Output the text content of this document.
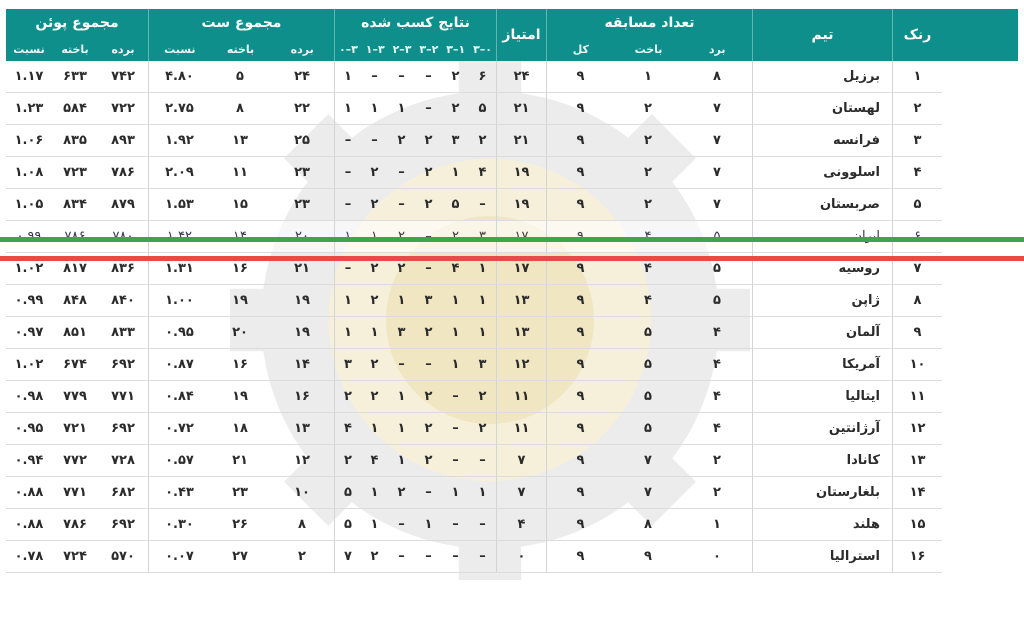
مجموع پوئن
نسبت	باخته	برده
مجموع ست
نسبت	باخته	برده
نتایج کسب شده
۰–۳ ۱–۳ ۲–۳ ۳–۲ ۳–۱ ۳–۰
امتیاز
تعداد مسابقه
کل	باخت	برد
تیم	رنک
۱.۱۷	۶۳۳	۷۴۲	۴.۸۰	۵	۲۴	۱	–	–	–	۲	۶	۲۴	۹	۱	۸	برزیل	۱
۱.۲۳	۵۸۴	۷۲۲	۲.۷۵	۸	۲۲	۱	۱	۱	–	۲	۵	۲۱	۹	۲	۷	لهستان	۲
۱.۰۶	۸۳۵	۸۹۳	۱.۹۲	۱۳	۲۵	–	–	۲	۲	۳	۲	۲۱	۹	۲	۷	فرانسه	۳
۱.۰۸	۷۲۳	۷۸۶	۲.۰۹	۱۱	۲۳	–	۲	–	۲	۱	۴	۱۹	۹	۲	۷	اسلوونی	۴
۱.۰۵	۸۳۴	۸۷۹	۱.۵۳	۱۵	۲۳	–	۲	–	۲	۵	–	۱۹	۹	۲	۷	صربستان	۵
۱.۰۲	۸۱۷	۸۳۶	۱.۳۱	۱۶	۲۱	–	۲	۲	–	۴	۱	۱۷	۹	۴	۵	روسیه	۷
۰.۹۹	۸۴۸	۸۴۰	۱.۰۰	۱۹	۱۹	۱	۲	۱	۳	۱	۱	۱۳	۹	۴	۵	ژاپن	۸
۰.۹۷	۸۵۱	۸۳۳	۰.۹۵	۲۰	۱۹	۱	۱	۳	۲	۱	۱	۱۳	۹	۵	۴	آلمان	۹
۱.۰۲	۶۷۴	۶۹۲	۰.۸۷	۱۶	۱۴	۳	۲	–	–	۱	۳	۱۲	۹	۵	۴	آمریکا	۱۰
۰.۹۸	۷۷۹	۷۷۱	۰.۸۴	۱۹	۱۶	۲	۲	۱	۲	–	۲	۱۱	۹	۵	۴	ایتالیا	۱۱
۰.۹۵	۷۲۱	۶۹۲	۰.۷۲	۱۸	۱۳	۴	۱	۱	۲	–	۲	۱۱	۹	۵	۴	آرژانتین	۱۲
۰.۹۴	۷۷۲	۷۲۸	۰.۵۷	۲۱	۱۲	۲	۴	۱	۲	–	–	۷	۹	۷	۲	کانادا	۱۳
۰.۸۸	۷۷۱	۶۸۲	۰.۴۳	۲۳	۱۰	۵	۱	۲	–	۱	۱	۷	۹	۷	۲	بلغارستان	۱۴
۰.۸۸	۷۸۶	۶۹۲	۰.۳۰	۲۶	۸	۵	۱	–	۱	–	–	۴	۹	۸	۱	هلند	۱۵
۰.۷۸	۷۲۴	۵۷۰	۰.۰۷	۲۷	۲	۷	۲	–	–	–	–	۰	۹	۹	۰	استرالیا	۱۶
